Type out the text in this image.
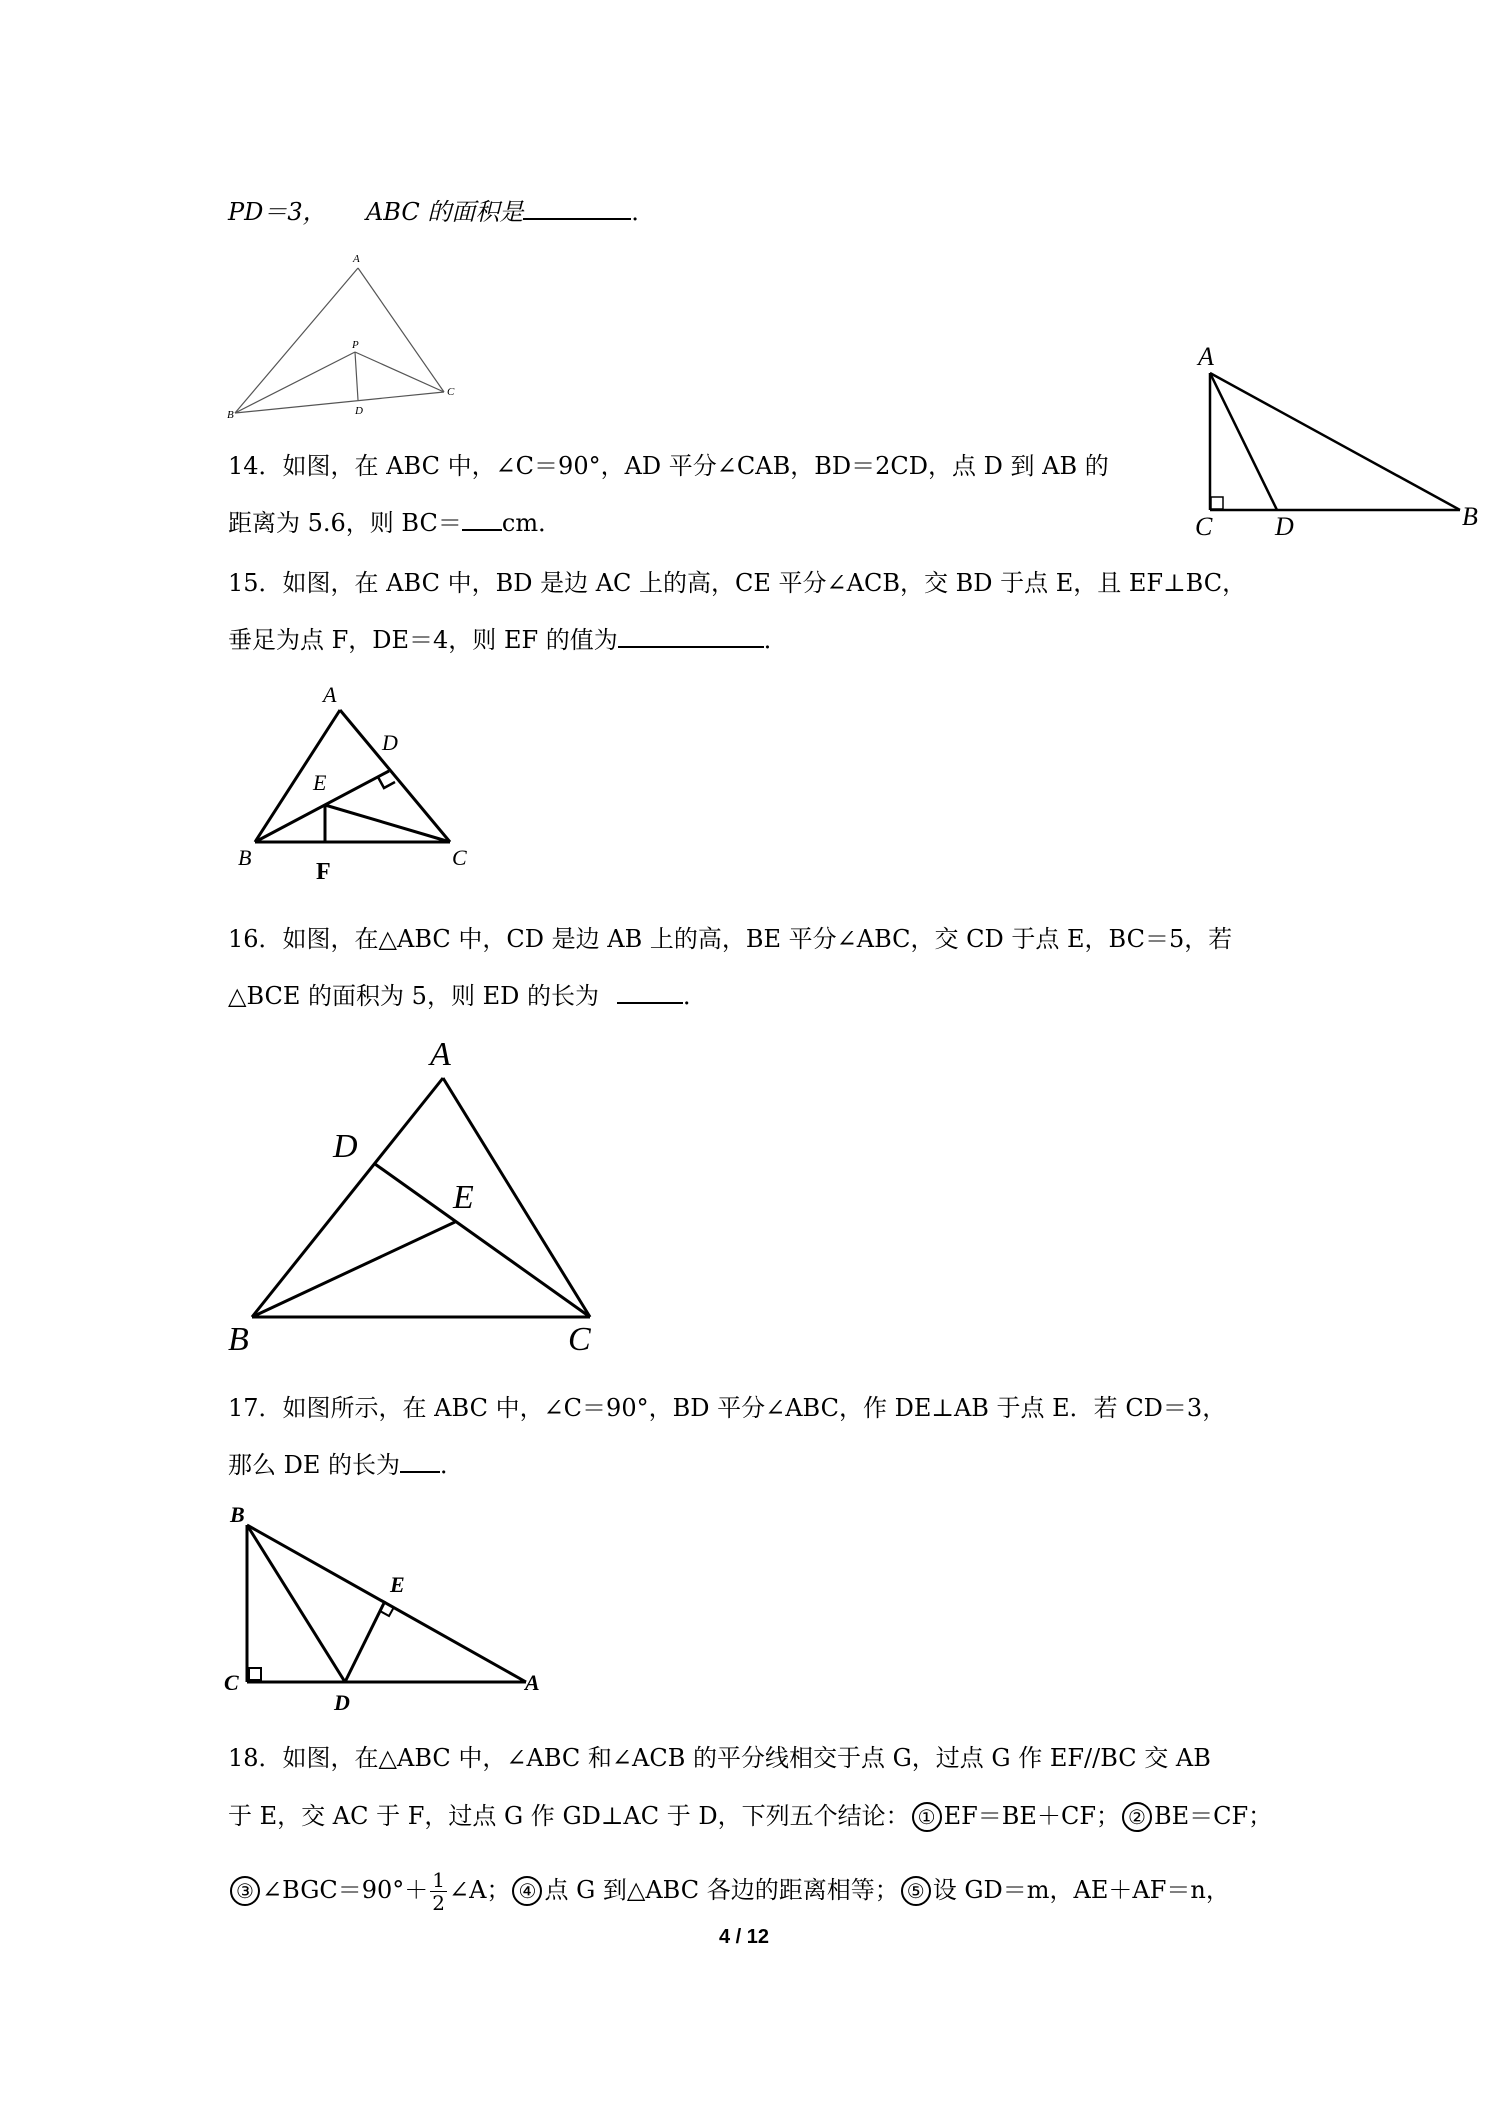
PD＝3， ABC 的面积是	．
A
P
B	D
C
14．如图，在 ABC 中，∠C＝90°，AD 平分∠CAB，BD＝2CD，点 D 到 AB 的
距离为 5.6，则 BC＝ cm．
A
C D	B
15．如图，在 ABC 中，BD 是边 AC 上的高，CE 平分∠ACB，交 BD 于点 E，且 EF⊥BC，
垂足为点 F，DE＝4，则 EF 的值为	．
A
D
E
B
F
C
16．如图，在△ABC 中，CD 是边 AB 上的高，BE 平分∠ABC，交 CD 于点 E，BC＝5，若
△BCE 的面积为 5，则 ED 的长为	．
A
D
E
B	C
17．如图所示，在 ABC 中，∠C＝90°，BD 平分∠ABC，作 DE⊥AB 于点 E．若 CD＝3，
那么 DE 的长为 ．
B
E
C
D
A
18．如图，在△ABC 中，∠ABC 和∠ACB 的平分线相交于点 G，过点 G 作 EF//BC 交 AB
于 E，交 AC 于 F，过点 G 作 GD⊥AC 于 D，下列五个结论： ① EF＝BE＋CF； ② BE＝CF；
③ ∠BGC＝90°＋ $\frac{1}{2}$ ∠A； ④ 点 G 到△ABC 各边的距离相等； ⑤ 设 GD＝m，AE＋AF＝n，
4 / 12
